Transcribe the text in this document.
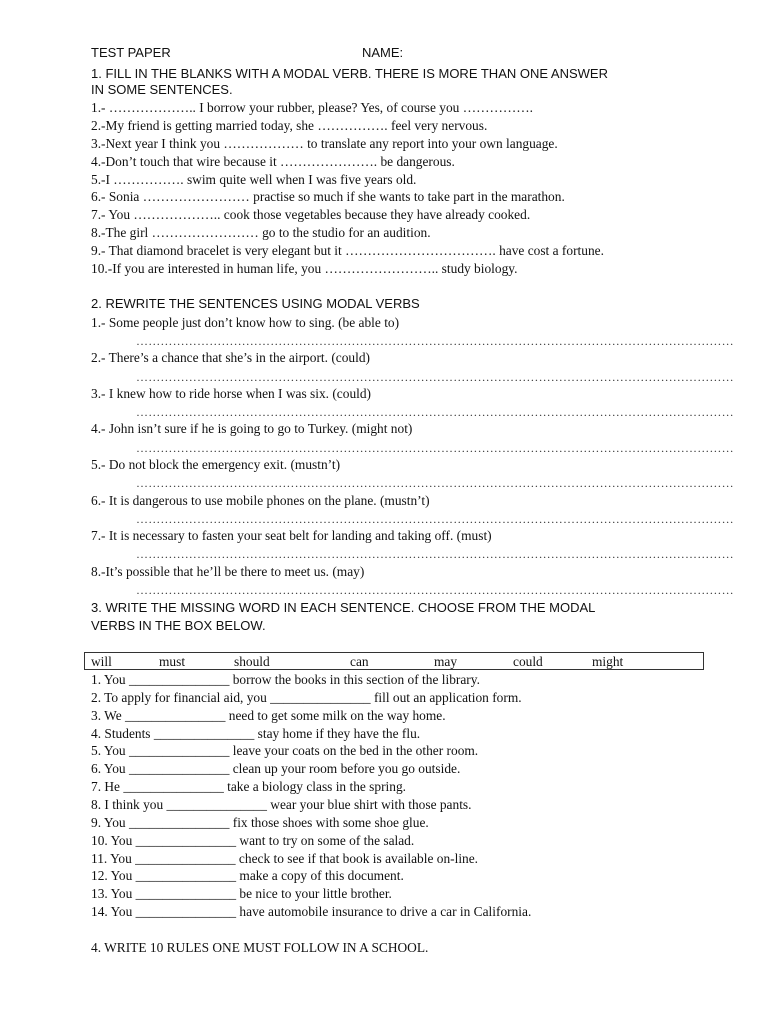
TEST PAPER	NAME:
1. FILL IN THE BLANKS WITH A MODAL VERB. THERE IS MORE THAN ONE ANSWER
IN SOME SENTENCES.
1.- ……………….. I borrow your rubber, please? Yes, of course you …………….
2.-My friend is getting married today, she ……………. feel very nervous.
3.-Next year I think you ……………… to translate any report into your own language.
4.-Don’t touch that wire because it …………………. be dangerous.
5.-I ……………. swim quite well when I was five years old.
6.- Sonia …………………… practise so much if she wants to take part in the marathon.
7.- You ……………….. cook those vegetables because they have already cooked.
8.-The girl …………………… go to the studio for an audition.
9.- That diamond bracelet is very elegant but it ……………………………. have cost a fortune.
10.-If you are interested in human life, you …………………….. study biology.
2. REWRITE THE SENTENCES USING MODAL VERBS
1.- Some people just don’t know how to sing. (be able to)
…………………………………………………………………………………………………………………………………
2.- There’s a chance that she’s in the airport. (could)
…………………………………………………………………………………………………………………………………
3.- I knew how to ride horse when I was six. (could)
…………………………………………………………………………………………………………………………………
4.- John isn’t sure if he is going to go to Turkey. (might not)
…………………………………………………………………………………………………………………………………
5.- Do not block the emergency exit. (mustn’t)
…………………………………………………………………………………………………………………………………
6.- It is dangerous to use mobile phones on the plane. (mustn’t)
…………………………………………………………………………………………………………………………………
7.- It is necessary to fasten your seat belt for landing and taking off. (must)
…………………………………………………………………………………………………………………………………
8.-It’s possible that he’ll be there to meet us. (may)
…………………………………………………………………………………………………………………………………
3. WRITE THE MISSING WORD IN EACH SENTENCE. CHOOSE FROM THE MODAL
VERBS IN THE BOX BELOW.
will	must	should	can	may	could	might
1. You _______________ borrow the books in this section of the library.
2. To apply for financial aid, you _______________ fill out an application form.
3. We _______________ need to get some milk on the way home.
4. Students _______________ stay home if they have the flu.
5. You _______________ leave your coats on the bed in the other room.
6. You _______________ clean up your room before you go outside.
7. He _______________ take a biology class in the spring.
8. I think you _______________ wear your blue shirt with those pants.
9. You _______________ fix those shoes with some shoe glue.
10. You _______________ want to try on some of the salad.
11. You _______________ check to see if that book is available on-line.
12. You _______________ make a copy of this document.
13. You _______________ be nice to your little brother.
14. You _______________ have automobile insurance to drive a car in California.
4. WRITE 10 RULES ONE MUST FOLLOW IN A SCHOOL.
